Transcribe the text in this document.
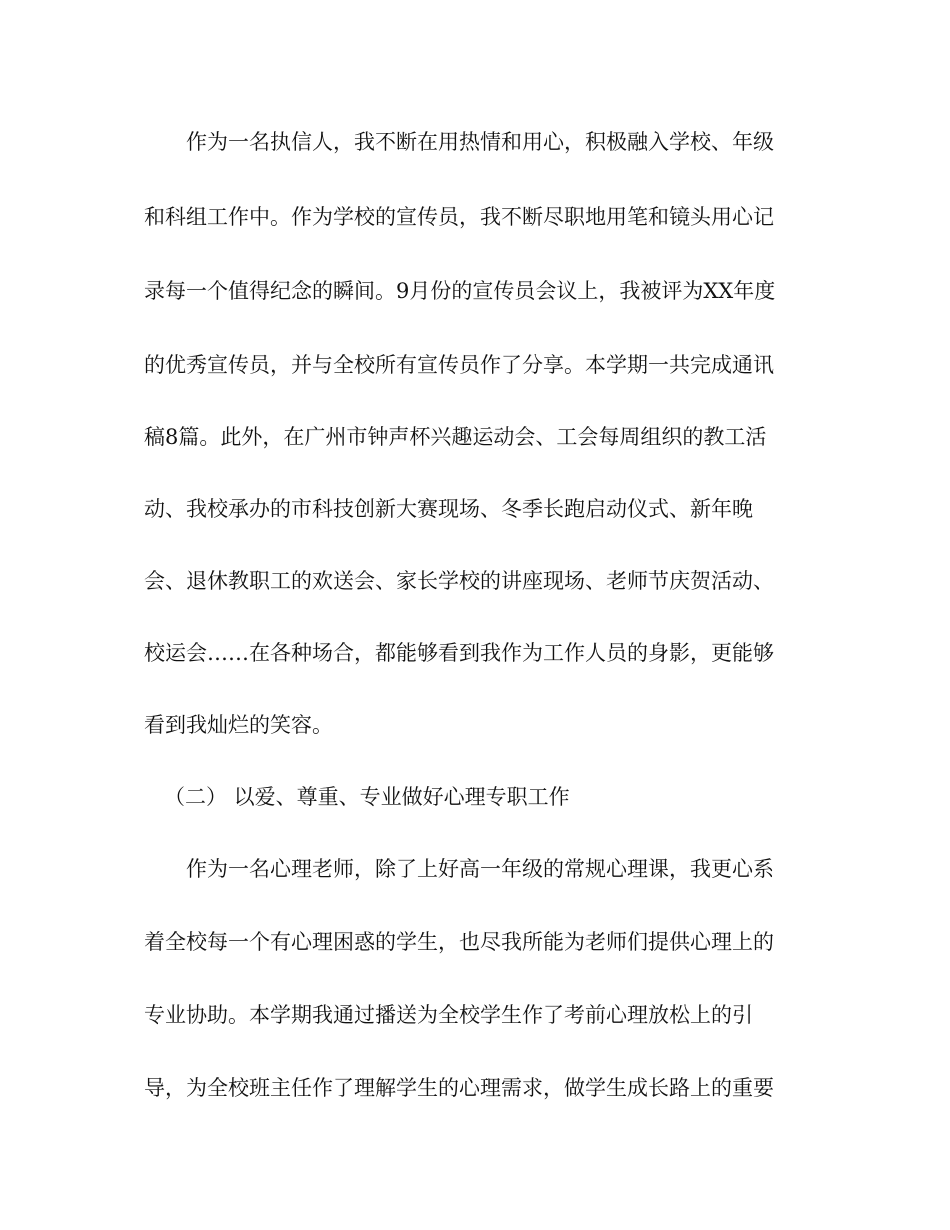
作为一名执信人，我不断在用热情和用心，积极融入学校、年级
和科组工作中。作为学校的宣传员，我不断尽职地用笔和镜头用心记
录每一个值得纪念的瞬间。9月份的宣传员会议上，我被评为XX年度
的优秀宣传员，并与全校所有宣传员作了分享。本学期一共完成通讯
稿8篇。此外，在广州市钟声杯兴趣运动会、工会每周组织的教工活
动、我校承办的市科技创新大赛现场、冬季长跑启动仪式、新年晚
会、退休教职工的欢送会、家长学校的讲座现场、老师节庆贺活动、
校运会……在各种场合，都能够看到我作为工作人员的身影，更能够
看到我灿烂的笑容。
（二） 以爱、尊重、专业做好心理专职工作
作为一名心理老师，除了上好高一年级的常规心理课，我更心系
着全校每一个有心理困惑的学生，也尽我所能为老师们提供心理上的
专业协助。本学期我通过播送为全校学生作了考前心理放松上的引
导，为全校班主任作了理解学生的心理需求，做学生成长路上的重要
